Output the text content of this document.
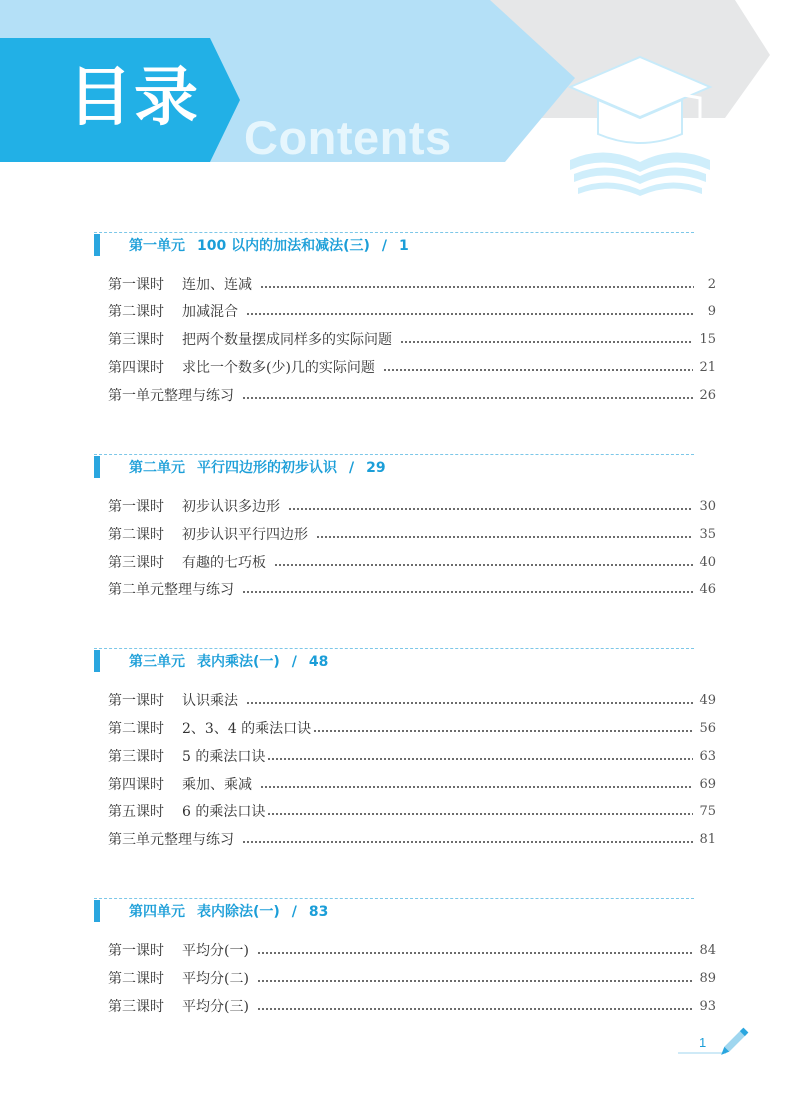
目录
Contents
第一单元 100 以内的加法和减法(三) / 1
第一课时 连加、连减	2
第二课时 加减混合	9
第三课时 把两个数量摆成同样多的实际问题	15
第四课时 求比一个数多(少)几的实际问题	21
第一单元整理与练习	26
第二单元 平行四边形的初步认识 / 29
第一课时 初步认识多边形	30
第二课时 初步认识平行四边形	35
第三课时 有趣的七巧板	40
第二单元整理与练习	46
第三单元 表内乘法(一) / 48
第一课时 认识乘法	49
第二课时 2、3、4 的乘法口诀	56
第三课时 5 的乘法口诀	63
第四课时 乘加、乘减	69
第五课时 6 的乘法口诀	75
第三单元整理与练习	81
第四单元 表内除法(一) / 83
第一课时 平均分(一)	84
第二课时 平均分(二)	89
第三课时 平均分(三)	93
1
